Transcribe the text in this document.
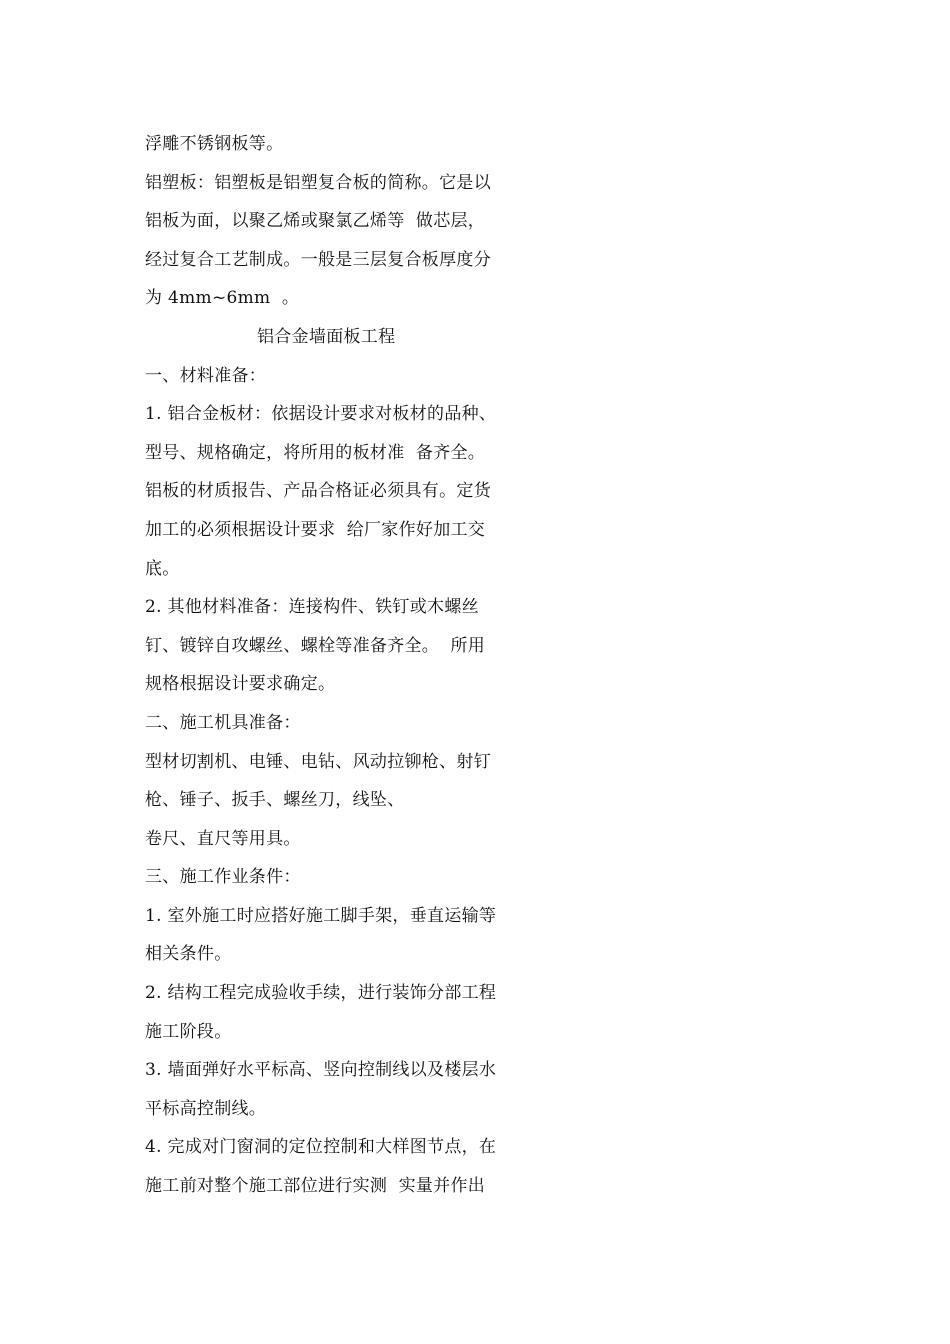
浮雕不锈钢板等。
铝塑板：铝塑板是铝塑复合板的简称。它是以
铝板为面，以聚乙烯或聚氯乙烯等  做芯层，
经过复合工艺制成。一般是三层复合板厚度分
为 4mm~6mm  。
铝合金墙面板工程
一、材料准备：
1. 铝合金板材：依据设计要求对板材的品种、
型号、规格确定，将所用的板材准  备齐全。
铝板的材质报告、产品合格证必须具有。定货
加工的必须根据设计要求  给厂家作好加工交
底。
2. 其他材料准备：连接构件、铁钉或木螺丝
钉、镀锌自攻螺丝、螺栓等准备齐全。  所用
规格根据设计要求确定。
二、施工机具准备：
型材切割机、电锤、电钻、风动拉铆枪、射钉
枪、锤子、扳手、螺丝刀，线坠、
卷尺、直尺等用具。
三、施工作业条件：
1. 室外施工时应搭好施工脚手架，垂直运输等
相关条件。
2. 结构工程完成验收手续，进行装饰分部工程
施工阶段。
3. 墙面弹好水平标高、竖向控制线以及楼层水
平标高控制线。
4. 完成对门窗洞的定位控制和大样图节点，在
施工前对整个施工部位进行实测  实量并作出
